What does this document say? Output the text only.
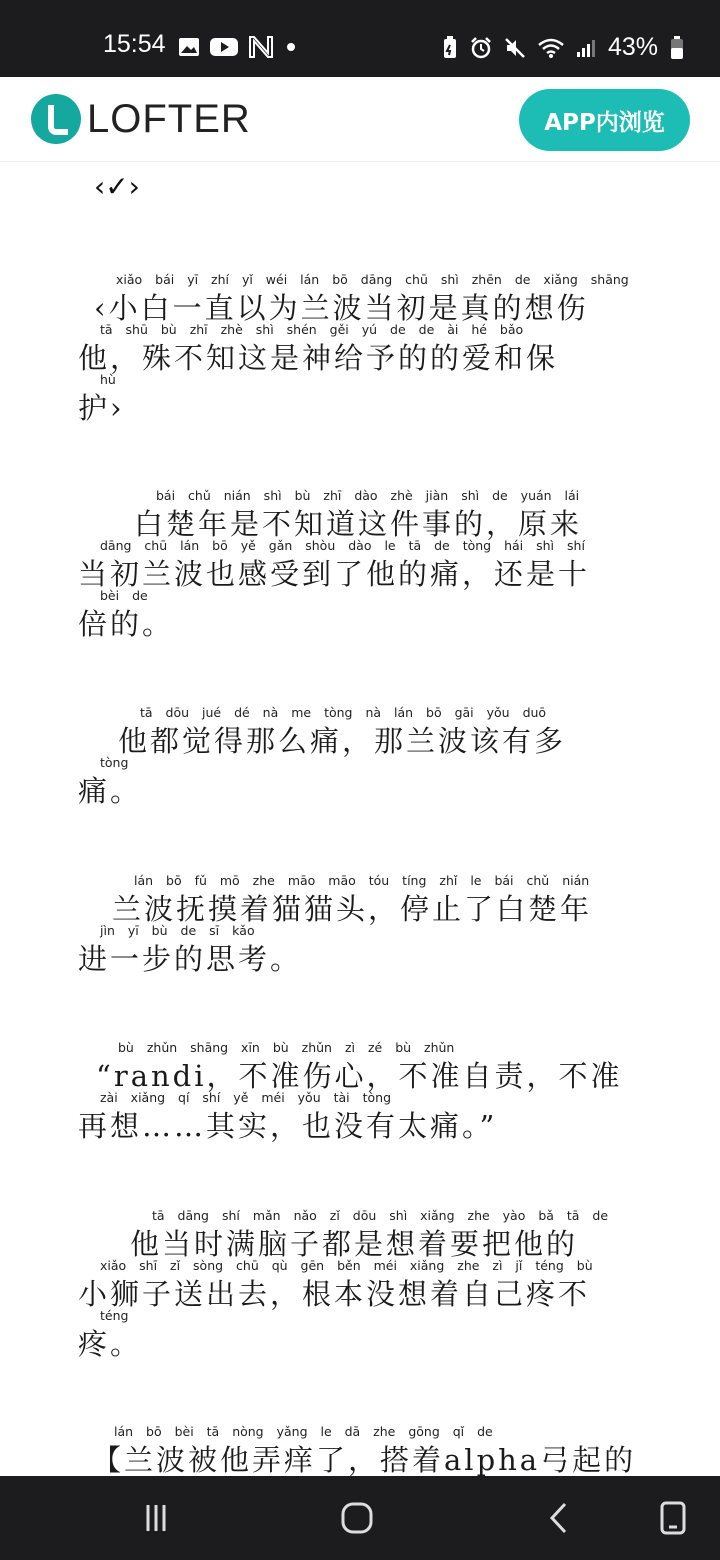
15:54	43%
LOFTER	APP内浏览
‹✓›
xiǎo bái yī zhí yǐ wéi lán bō dāng chū shì zhēn de xiǎng shāng
‹小白一直以为兰波当初是真的想伤
tā shū bù zhī zhè shì shén gěi yú de de ài hé bǎo
他，殊不知这是神给予的的爱和保
hù
护›
bái chǔ nián shì bù zhī dào zhè jiàn shì de yuán lái
白楚年是不知道这件事的，原来
dāng chū lán bō yě gǎn shòu dào le tā de tòng hái shì shí
当初兰波也感受到了他的痛，还是十
bèi de
倍的。
tā dōu jué dé nà me tòng nà lán bō gāi yǒu duō
他都觉得那么痛，那兰波该有多
tòng
痛。
lán bō fǔ mō zhe māo māo tóu tíng zhǐ le bái chǔ nián
兰波抚摸着猫猫头，停止了白楚年
jìn yī bù de sī kǎo
进一步的思考。
bù zhǔn shāng xīn bù zhǔn zì zé bù zhǔn
“randi，不准伤心，不准自责，不准
zài xiǎng qí shí yě méi yǒu tài tòng
再想……其实，也没有太痛。”
tā dāng shí mǎn nǎo zǐ dōu shì xiǎng zhe yào bǎ tā de
他当时满脑子都是想着要把他的
xiǎo shī zǐ sòng chū qù gēn běn méi xiǎng zhe zì jǐ téng bù
小狮子送出去，根本没想着自己疼不
téng
疼。
lán bō bèi tā nòng yǎng le dā zhe gōng qǐ de
【兰波被他弄痒了，搭着alpha弓起的
